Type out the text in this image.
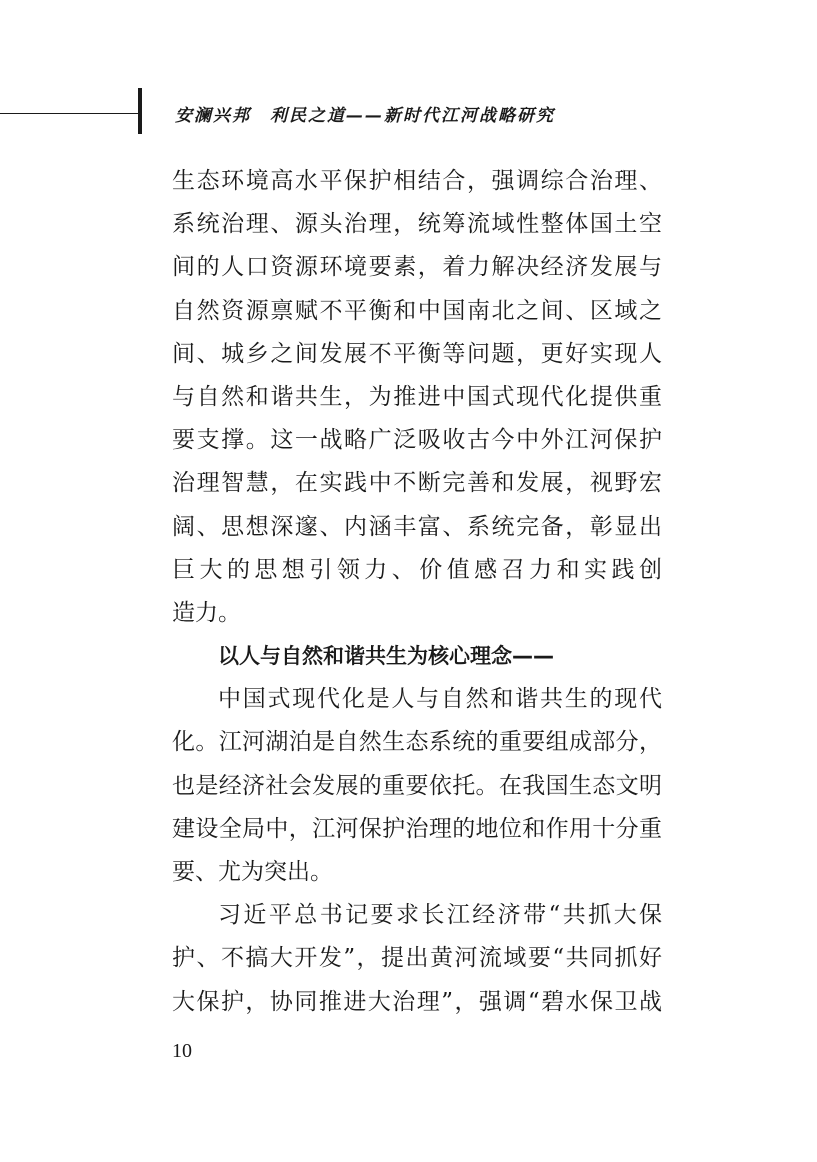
安澜兴邦　利民之道——新时代江河战略研究
生态环境高水平保护相结合，强调综合治理、
系统治理、源头治理，统筹流域性整体国土空
间的人口资源环境要素，着力解决经济发展与
自然资源禀赋不平衡和中国南北之间、区域之
间、城乡之间发展不平衡等问题，更好实现人
与自然和谐共生，为推进中国式现代化提供重
要支撑。这一战略广泛吸收古今中外江河保护
治理智慧，在实践中不断完善和发展，视野宏
阔、思想深邃、内涵丰富、系统完备，彰显出
巨大的思想引领力、价值感召力和实践创
造力。
以人与自然和谐共生为核心理念——
中国式现代化是人与自然和谐共生的现代
化。江河湖泊是自然生态系统的重要组成部分，
也是经济社会发展的重要依托。在我国生态文明
建设全局中，江河保护治理的地位和作用十分重
要、尤为突出。
习近平总书记要求长江经济带“共抓大保
护、不搞大开发”，提出黄河流域要“共同抓好
大保护，协同推进大治理”，强调“碧水保卫战
10
